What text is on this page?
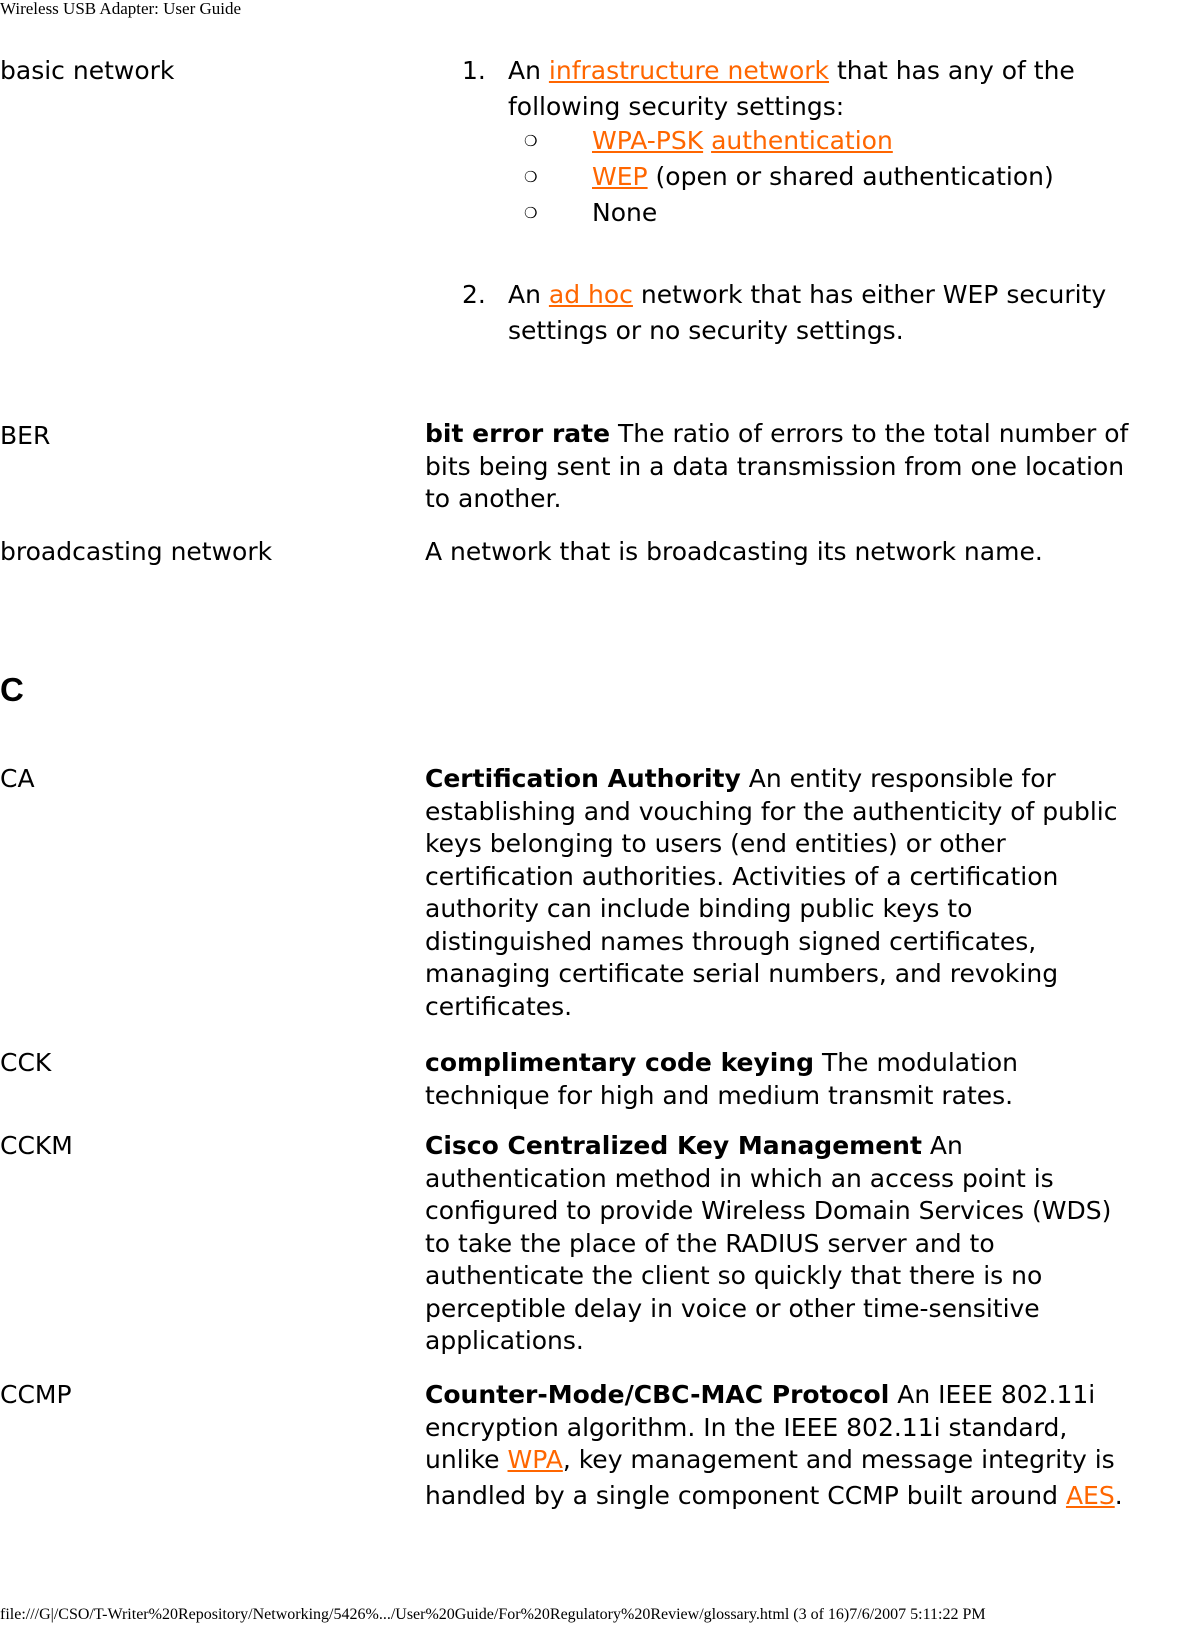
Wireless USB Adapter: User Guide
basic network	1. An infrastructure network that has any of the
following security settings:
❍ WPA-PSK authentication
❍ WEP (open or shared authentication)
❍ None
2. An ad hoc network that has either WEP security
settings or no security settings.
BER	bit error rate The ratio of errors to the total number of
bits being sent in a data transmission from one location
to another.
broadcasting network	A network that is broadcasting its network name.
C
CA	Certification Authority An entity responsible for
establishing and vouching for the authenticity of public
keys belonging to users (end entities) or other
certification authorities. Activities of a certification
authority can include binding public keys to
distinguished names through signed certificates,
managing certificate serial numbers, and revoking
certificates.
CCK	complimentary code keying The modulation
technique for high and medium transmit rates.
CCKM	Cisco Centralized Key Management An
authentication method in which an access point is
configured to provide Wireless Domain Services (WDS)
to take the place of the RADIUS server and to
authenticate the client so quickly that there is no
perceptible delay in voice or other time-sensitive
applications.
CCMP	Counter-Mode/CBC-MAC Protocol An IEEE 802.11i
encryption algorithm. In the IEEE 802.11i standard,
unlike WPA, key management and message integrity is
handled by a single component CCMP built around AES.
file:///G|/CSO/T-Writer%20Repository/Networking/5426%.../User%20Guide/For%20Regulatory%20Review/glossary.html (3 of 16)7/6/2007 5:11:22 PM
